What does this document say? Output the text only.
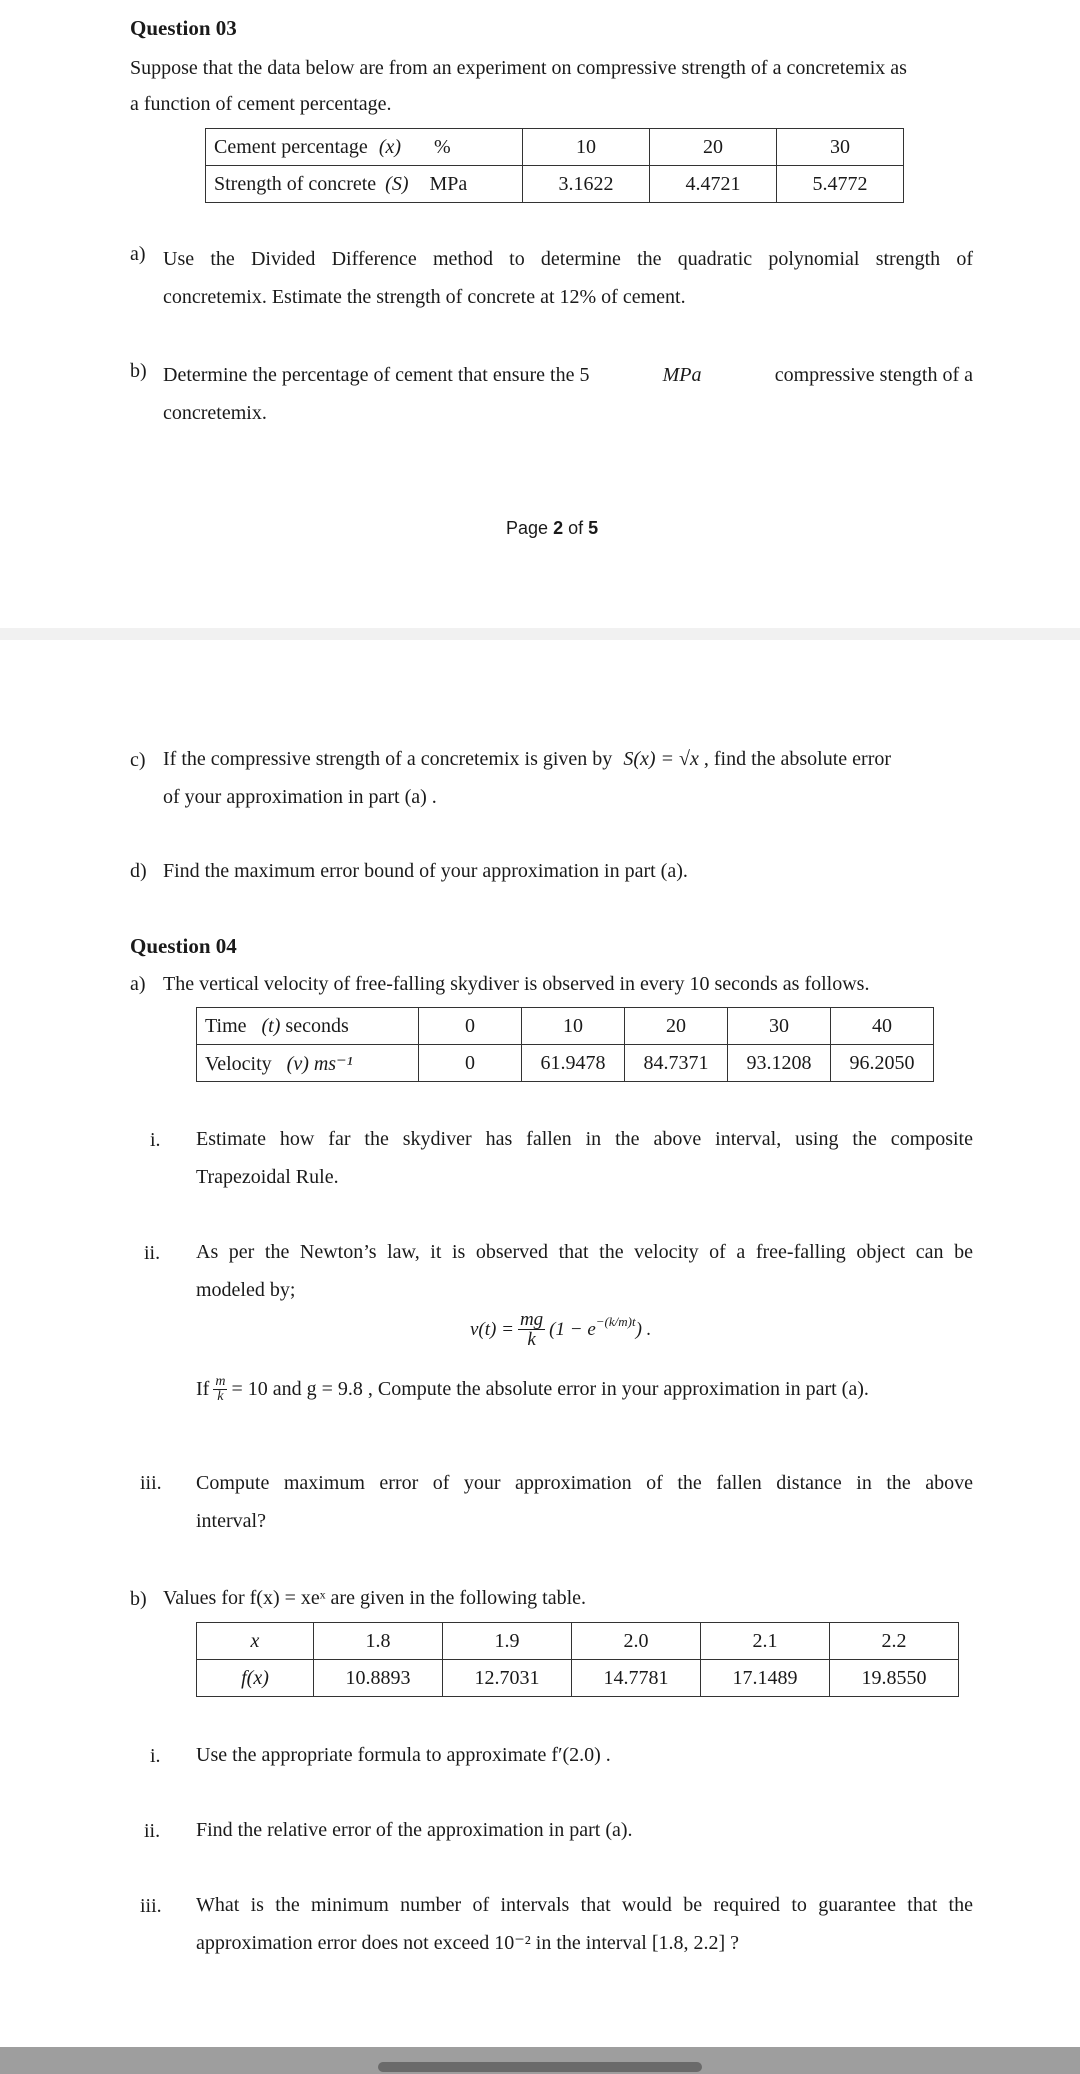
Question 03
Suppose that the data below are from an experiment on compressive strength of a concretemix as
a function of cement percentage.
Cement percentage (x) %	10	20	30
Strength of concrete (S) MPa	3.1622	4.4721	5.4772
a) Use the Divided Difference method to determine the quadratic polynomial strength of
concretemix. Estimate the strength of concrete at 12% of cement.
b) Determine the percentage of cement that ensure the 5	MPa	compressive stength of a
concretemix.
Page 2 of 5
c) If the compressive strength of a concretemix is given by S(x) = √x , find the absolute error
of your approximation in part (a) .
d) Find the maximum error bound of your approximation in part (a).
Question 04
a) The vertical velocity of free-falling skydiver is observed in every 10 seconds as follows.
Time (t) seconds	0	10	20	30	40
Velocity (v) ms⁻¹	0	61.9478	84.7371	93.1208	96.2050
i. Estimate how far the skydiver has fallen in the above interval, using the composite
Trapezoidal Rule.
ii. As per the Newton’s law, it is observed that the velocity of a free-falling object can be
modeled by;
$v(t) = \frac{mg}{k} (1 - e -(k/m)t$ ) .
If $\frac{m}{k} = 10$ and g = 9.8 , Compute the absolute error in your approximation in part (a).
iii. Compute maximum error of your approximation of the fallen distance in the above
interval?
b) Values for f(x) = xeˣ are given in the following table.
x	1.8	1.9	2.0	2.1	2.2
f(x)	10.8893	12.7031	14.7781	17.1489	19.8550
i. Use the appropriate formula to approximate f′(2.0) .
ii. Find the relative error of the approximation in part (a).
iii. What is the minimum number of intervals that would be required to guarantee that the
approximation error does not exceed 10⁻² in the interval [1.8, 2.2] ?
